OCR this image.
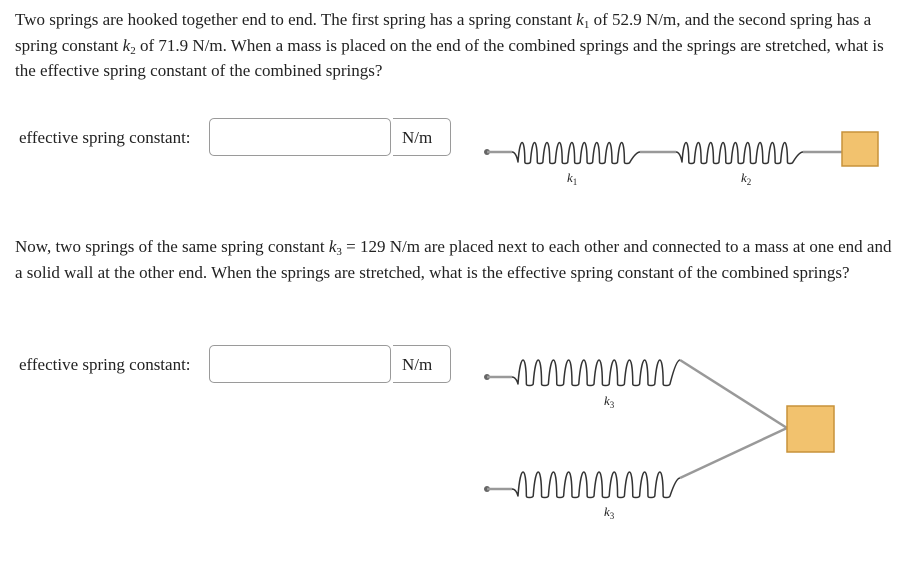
Two springs are hooked together end to end. The first spring has a spring constant $k_1$ of 52.9 N/m, and the second spring has a spring constant $k_2$ of 71.9 N/m. When a mass is placed on the end of the combined springs and the springs are stretched, what is the effective spring constant of the combined springs?

effective spring constant:	N/m
$k_1$	$k_2$
$k_3$
$k_3$

Now, two springs of the same spring constant $k_3 = 129$ N/m are placed next to each other and connected to a mass at one end and a solid wall at the other end. When the springs are stretched, what is the effective spring constant of the combined springs?

effective spring constant:	N/m
